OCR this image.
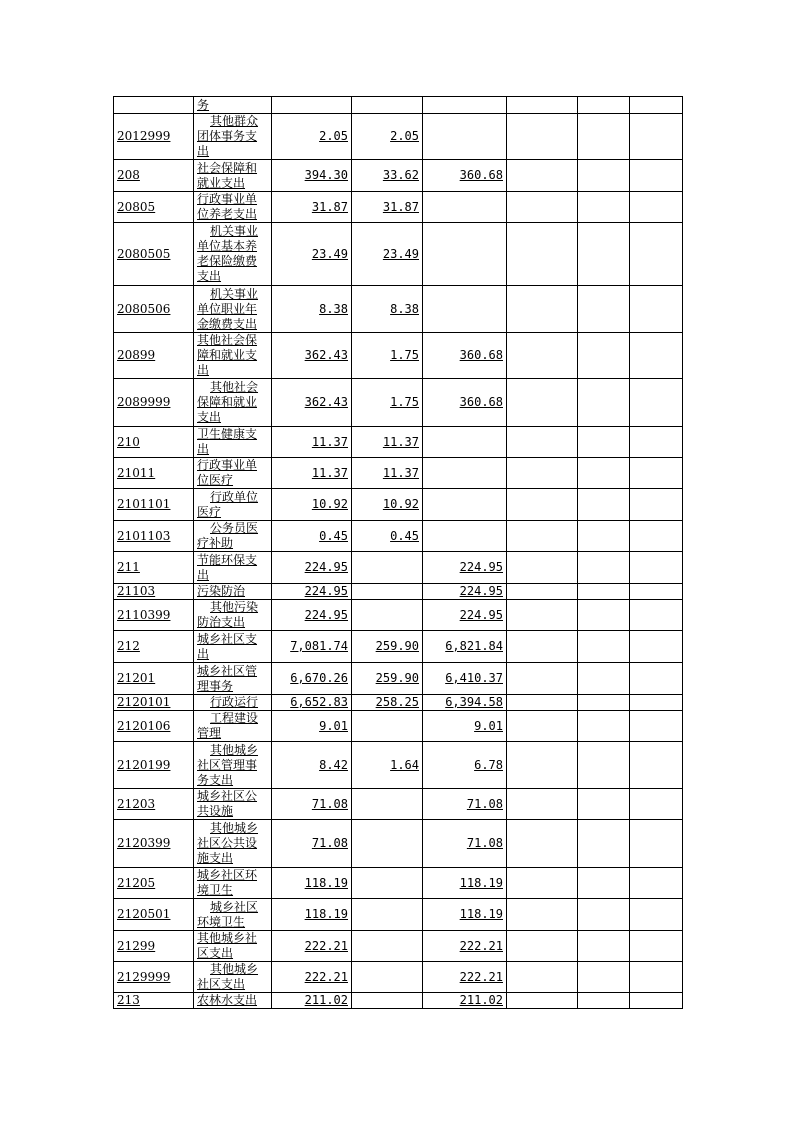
	务						
2012999	其他群众团体事务支出	2.05	2.05				
208	社会保障和就业支出	394.30	33.62	360.68			
20805	行政事业单位养老支出	31.87	31.87				
2080505	机关事业单位基本养老保险缴费支出	23.49	23.49				
2080506	机关事业单位职业年金缴费支出	8.38	8.38				
20899	其他社会保障和就业支出	362.43	1.75	360.68			
2089999	其他社会保障和就业支出	362.43	1.75	360.68			
210	卫生健康支出	11.37	11.37				
21011	行政事业单位医疗	11.37	11.37				
2101101	行政单位医疗	10.92	10.92				
2101103	公务员医疗补助	0.45	0.45				
211	节能环保支出	224.95		224.95			
21103	污染防治	224.95		224.95			
2110399	其他污染防治支出	224.95		224.95			
212	城乡社区支出	7,081.74	259.90	6,821.84			
21201	城乡社区管理事务	6,670.26	259.90	6,410.37			
2120101	行政运行	6,652.83	258.25	6,394.58			
2120106	工程建设管理	9.01		9.01			
2120199	其他城乡社区管理事务支出	8.42	1.64	6.78			
21203	城乡社区公共设施	71.08		71.08			
2120399	其他城乡社区公共设施支出	71.08		71.08			
21205	城乡社区环境卫生	118.19		118.19			
2120501	城乡社区环境卫生	118.19		118.19			
21299	其他城乡社区支出	222.21		222.21			
2129999	其他城乡社区支出	222.21		222.21			
213	农林水支出	211.02		211.02			
